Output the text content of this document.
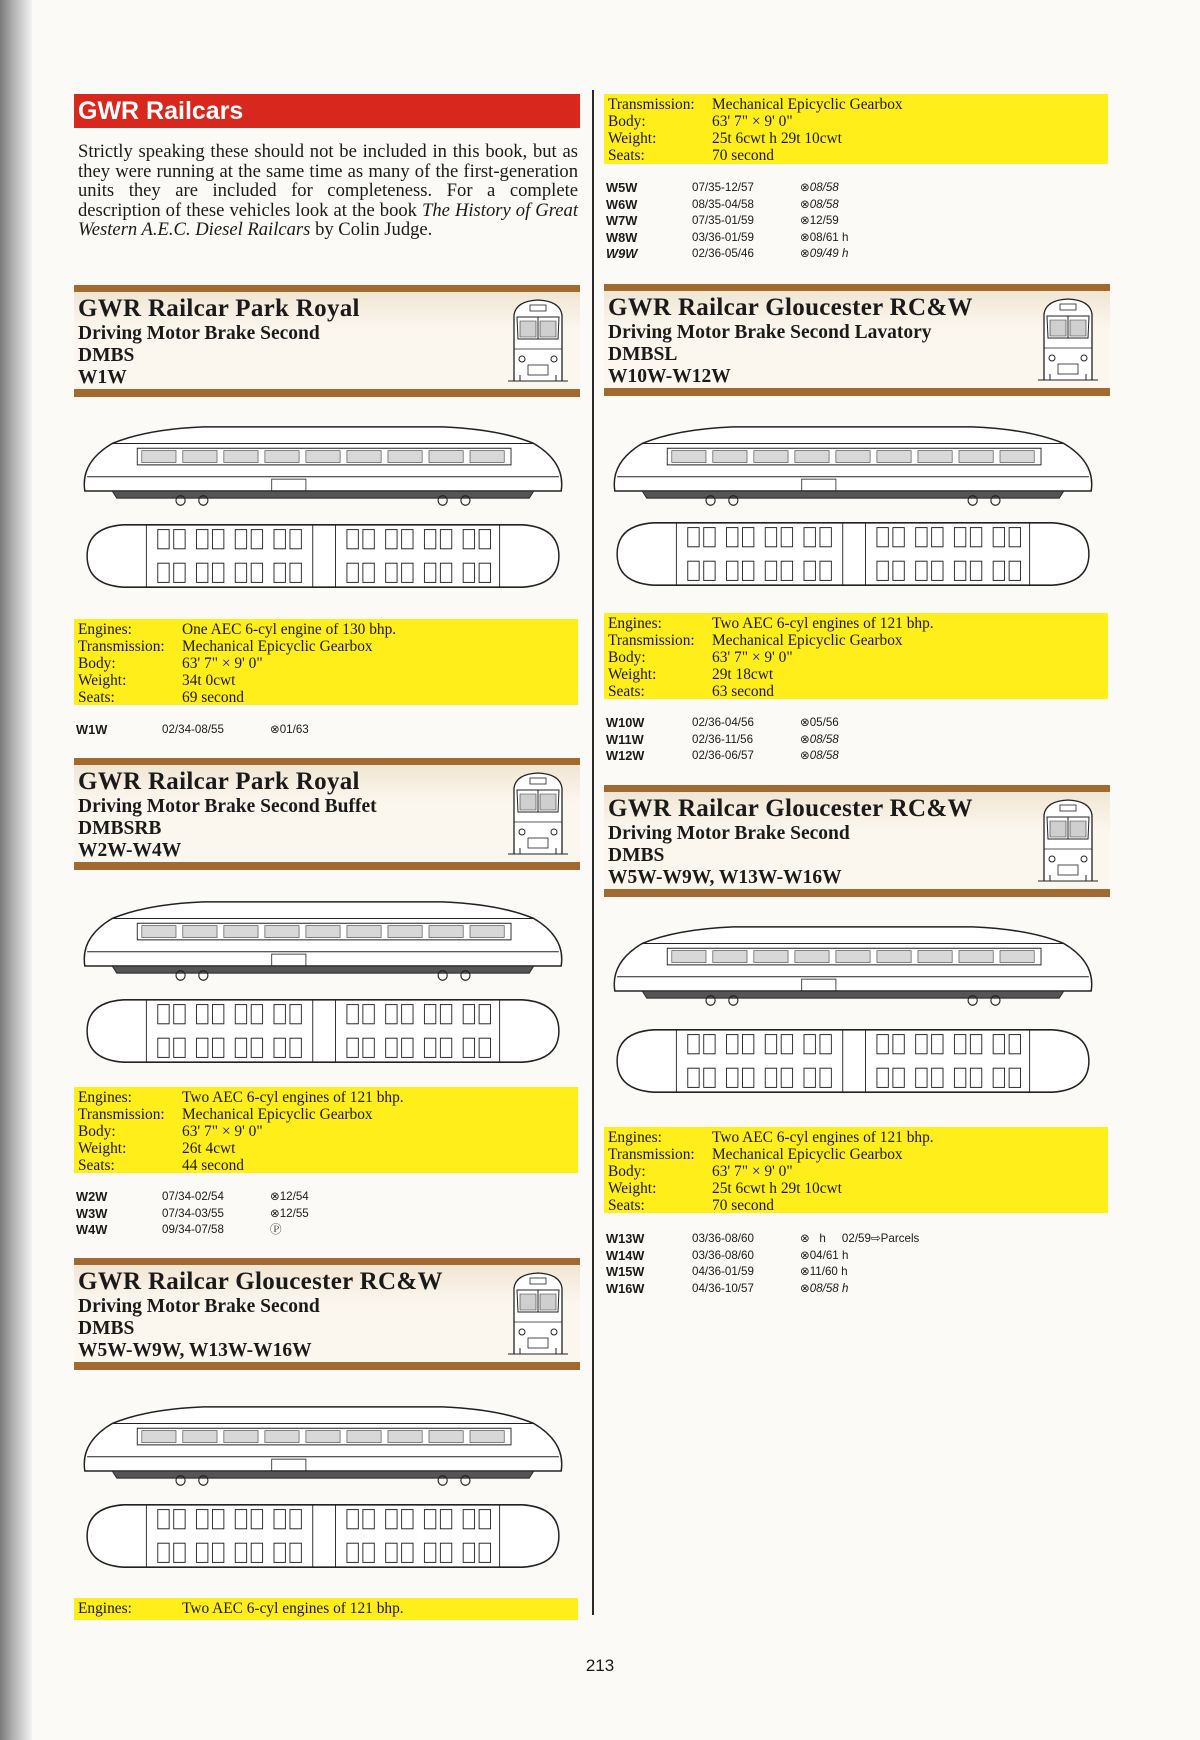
GWR Railcars

Strictly speaking these should not be included in this book, but as they were running at the same time as many of the first-generation units they are included for completeness. For a complete description of these vehicles look at the book The History of Great Western A.E.C. Diesel Railcars by Colin Judge.

GWR Railcar Park Royal
Driving Motor Brake Second
DMBS
W1W
Engines:	One AEC 6-cyl engine of 130 bhp.
Transmission:	Mechanical Epicyclic Gearbox
Body:	63' 7" × 9' 0"
Weight:	34t 0cwt
Seats:	69 second
W1W	02/34-08/55	⊗01/63
GWR Railcar Park Royal
Driving Motor Brake Second Buffet
DMBSRB
W2W-W4W
Engines:	Two AEC 6-cyl engines of 121 bhp.
Transmission:	Mechanical Epicyclic Gearbox
Body:	63' 7" × 9' 0"
Weight:	26t 4cwt
Seats:	44 second
W2W	07/34-02/54	⊗12/54
W3W	07/34-03/55	⊗12/55
W4W	09/34-07/58	Ⓟ
GWR Railcar Gloucester RC&W
Driving Motor Brake Second
DMBS
W5W-W9W, W13W-W16W
Engines:	Two AEC 6-cyl engines of 121 bhp.
Transmission:	Mechanical Epicyclic Gearbox
Body:	63' 7" × 9' 0"
Weight:	25t 6cwt h 29t 10cwt
Seats:	70 second
W5W	07/35-12/57	⊗08/58
W6W	08/35-04/58	⊗08/58
W7W	07/35-01/59	⊗12/59
W8W	03/36-01/59	⊗08/61 h
W9W	02/36-05/46	⊗09/49 h
GWR Railcar Gloucester RC&W
Driving Motor Brake Second Lavatory
DMBSL
W10W-W12W
Engines:	Two AEC 6-cyl engines of 121 bhp.
Transmission:	Mechanical Epicyclic Gearbox
Body:	63' 7" × 9' 0"
Weight:	29t 18cwt
Seats:	63 second
W10W	02/36-04/56	⊗05/56
W11W	02/36-11/56	⊗08/58
W12W	02/36-06/57	⊗08/58
GWR Railcar Gloucester RC&W
Driving Motor Brake Second
DMBS
W5W-W9W, W13W-W16W
Engines:	Two AEC 6-cyl engines of 121 bhp.
Transmission:	Mechanical Epicyclic Gearbox
Body:	63' 7" × 9' 0"
Weight:	25t 6cwt h 29t 10cwt
Seats:	70 second
W13W	03/36-08/60	⊗   h     02/59⇨Parcels
W14W	03/36-08/60	⊗04/61 h
W15W	04/36-01/59	⊗11/60 h
W16W	04/36-10/57	⊗08/58 h
213
